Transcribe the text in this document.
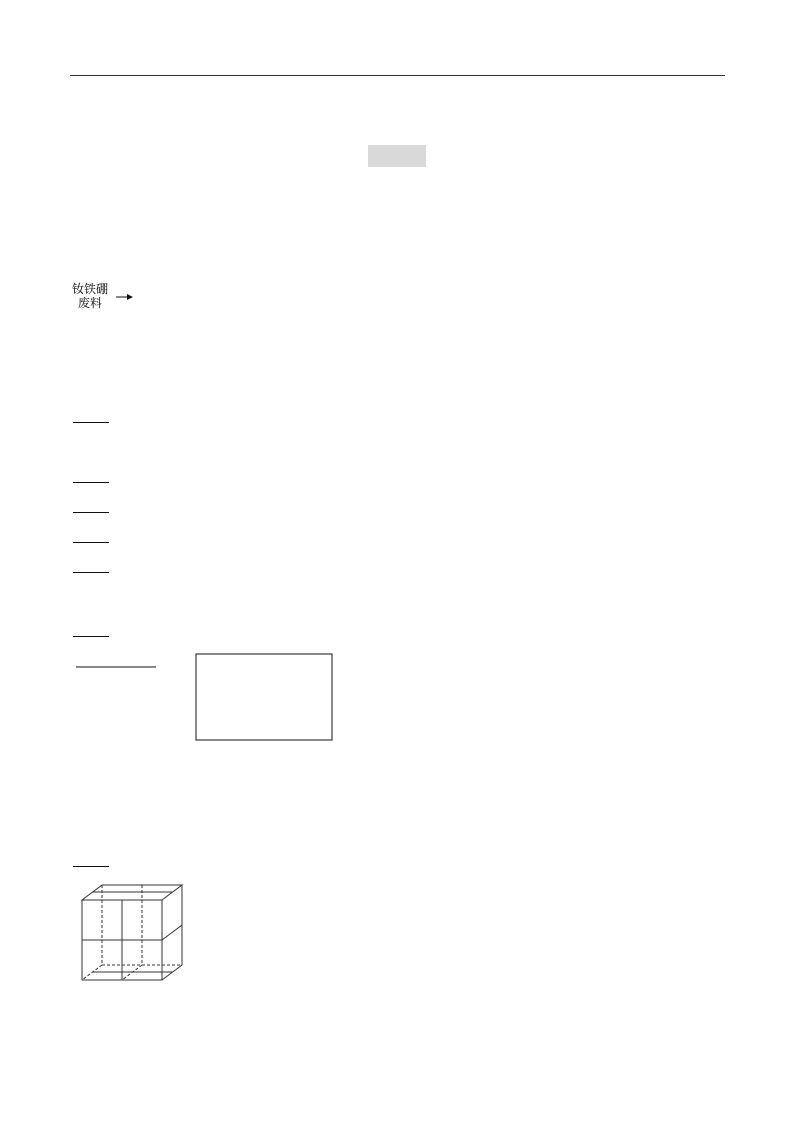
钕铁硼
废料
